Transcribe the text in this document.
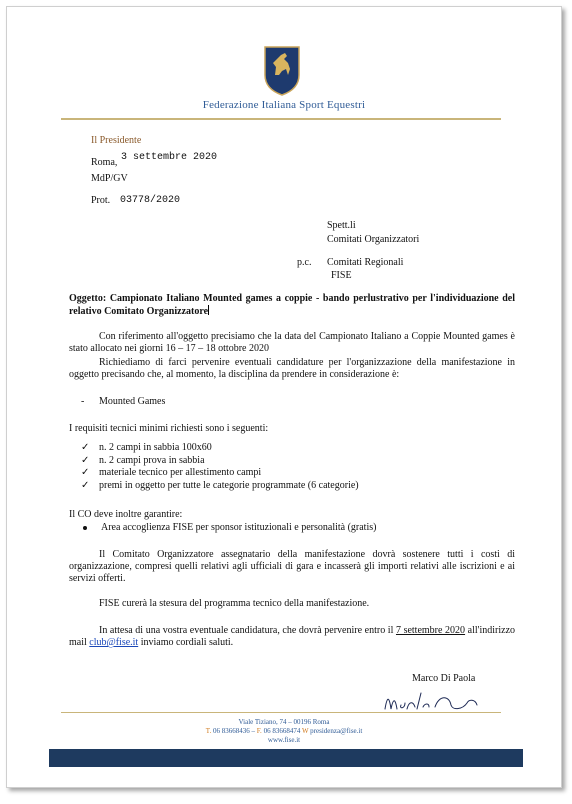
Federazione Italiana Sport Equestri
Il Presidente
Roma, 3 settembre 2020
MdP/GV
Prot. 03778/2020
Spett.li
Comitati Organizzatori
p.c. Comitati Regionali
FISE
Oggetto: Campionato Italiano Mounted games a coppie - bando perlustrativo per l'individuazione del relativo Comitato Organizzatore
Con riferimento all'oggetto precisiamo che la data del Campionato Italiano a Coppie Mounted games è stato allocato nei giorni 16 – 17 – 18 ottobre 2020
Richiediamo di farci pervenire eventuali candidature per l'organizzazione della manifestazione in oggetto precisando che, al momento, la disciplina da prendere in considerazione è:
- Mounted Games
I requisiti tecnici minimi richiesti sono i seguenti:
✓ n. 2 campi in sabbia 100x60
✓ n. 2 campi prova in sabbia
✓ materiale tecnico per allestimento campi
✓ premi in oggetto per tutte le categorie programmate (6 categorie)
Il CO deve inoltre garantire:
Area accoglienza FISE per sponsor istituzionali e personalità (gratis)
Il Comitato Organizzatore assegnatario della manifestazione dovrà sostenere tutti i costi di organizzazione, compresi quelli relativi agli ufficiali di gara e incasserà gli importi relativi alle iscrizioni e ai servizi offerti.
FISE curerà la stesura del programma tecnico della manifestazione.
In attesa di una vostra eventuale candidatura, che dovrà pervenire entro il 7 settembre 2020 all'indirizzo mail club@fise.it inviamo cordiali saluti.
Marco Di Paola
Viale Tiziano, 74 – 00196 Roma
T. 06 83668436 – F. 06 83668474 W presidenza@fise.it
www.fise.it
